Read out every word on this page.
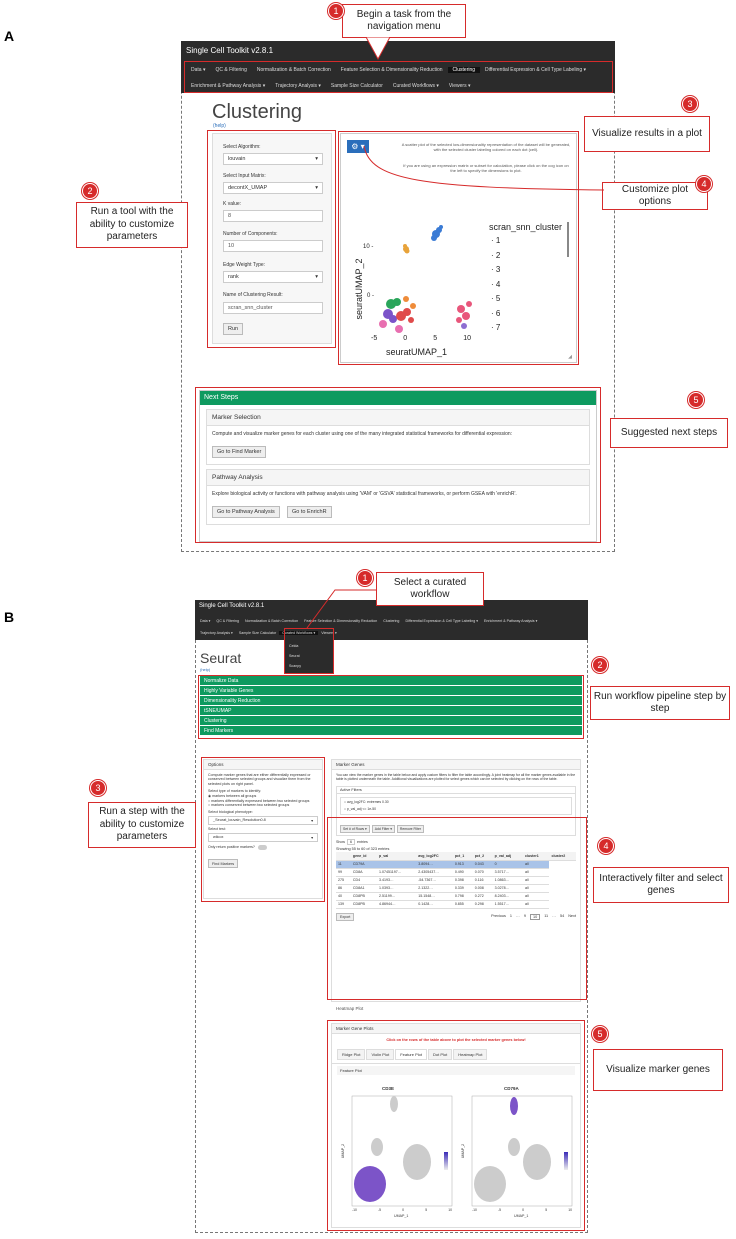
A
Single Cell Toolkit v2.8.1
Data ▾	QC & Filtering	Normalization & Batch Correction	Feature Selection & Dimensionality Reduction	Clustering	Differential Expression & Cell Type Labeling ▾
Enrichment & Pathway Analysis ▾	Trajectory Analysis ▾	Sample Size Calculator	Curated Workflows ▾	Viewers ▾
Clustering
(help)
Select Algorithm:
louvain	▾
Select Input Matrix:
decontX_UMAP	▾
K value:
8
Number of Components:
10
Edge Weight Type:
rank	▾
Name of Clustering Result:
scran_snn_cluster
Run
⚙ ▾	A scatter plot of the selected low-dimensionality representation of the dataset will be generated, with the selected cluster labeling colored on each dot (cell).
If you are using an expression matrix or subset for calculation, please click on the cog icon on the left to specify the dimensions to plot.
scran_snn_cluster
· 1
· 2
· 3
· 4
· 5
· 6
· 7
10 -
0 -
seuratUMAP_2
-5	0	5	10
seuratUMAP_1	◢
Next Steps
Marker Selection
Compute and visualize marker genes for each cluster using one of the many integrated statistical frameworks for differential expression:
Go to Find Marker
Pathway Analysis
Explore biological activity or functions with pathway analysis using 'VAM' or 'GSVA' statistical frameworks, or perform GSEA with 'enrichR'.
Go to Pathway Analysis	Go to EnrichR
Begin a task from the navigation menu
1
Run a tool with the ability to customize parameters
2
Visualize results in a plot
3
Customize plot options
4
Suggested next steps
5
B
Single Cell Toolkit v2.8.1
Data ▾	QC & Filtering	Normalization & Batch Correction	Feature Selection & Dimensionality Reduction	Clustering	Differential Expression & Cell Type Labeling ▾	Enrichment & Pathway Analysis ▾
Trajectory Analysis ▾	Sample Size Calculator	Curated Workflows ▾	Viewers ▾
Celda
Seurat
Scanpy
Seurat
(help)
Normalize Data
Highly Variable Genes
Dimensionality Reduction
tSNE/UMAP
Clustering
Find Markers
Options
Compute marker genes that are either differentially expressed or conserved between selected groups and visualize them from the selected plots on right panel.
Select type of markers to identify:
◉ markers between all groups
○ markers differentially expressed between two selected groups
○ markers conserved between two selected groups
Select biological phenotype:
_Seurat_louvain_Resolution0.8	▾
Select test:
wilcox	▾
Only return positive markers?
Find Markers
Marker Genes
You can view the marker genes in the table below and apply custom filters to filter the table accordingly. A joint heatmap for all the marker genes available in the table is plotted underneath the table. Additional visualizations are plotted for select genes which can be selected by clicking on the rows of the table.
Active Filters
○ avg_log2FC: extremes 0.30
○ p_val_adj <= 1e-50
Set # of Rows ▾	Add Filter ▾	Remove Filter
Show	6	entries
Showing 55 to 60 of 323 entries
	gene_id	p_val	avg_log2FC	pct_1	pct_2	p_val_adj	cluster1	cluster2
11	CD79A		3.8094…	0.913	0.043	0	all	
99	CD8A	1.07451197…	2.4305437…	0.490	0.070	3.5717…	all	
275	CD4	3.4193…	-54.7367…	0.398	0.116	1.0863…	all	
86	CD8A1	1.0393…	2.1322…	0.339	0.008	3.0278…	all	
40	CD8PB	2.51199…	15.1548…	0.798	0.272	8.2403…	all	
139	CD8PB	4.86944…	0.1428…	0.855	0.298	1.5517…	all	
Export	Previous 1 … 9	10	11 … 54 Next
Heatmap Plot
Marker Gene Plots
Click on the rows of the table above to plot the selected marker genes below!
Ridge Plot	Violin Plot	Feature Plot	Dot Plot	Heatmap Plot
Feature Plot
CD3E	CD79A
-10	-5	0	5	10	-10	-5	0	5	10
UMAP_1	UMAP_1
UMAP_2	UMAP_2
Select a curated workflow
1
Run workflow pipeline step by step
2
Run a step with the ability to customize parameters
3
Interactively filter and select genes
4
Visualize marker genes
5
